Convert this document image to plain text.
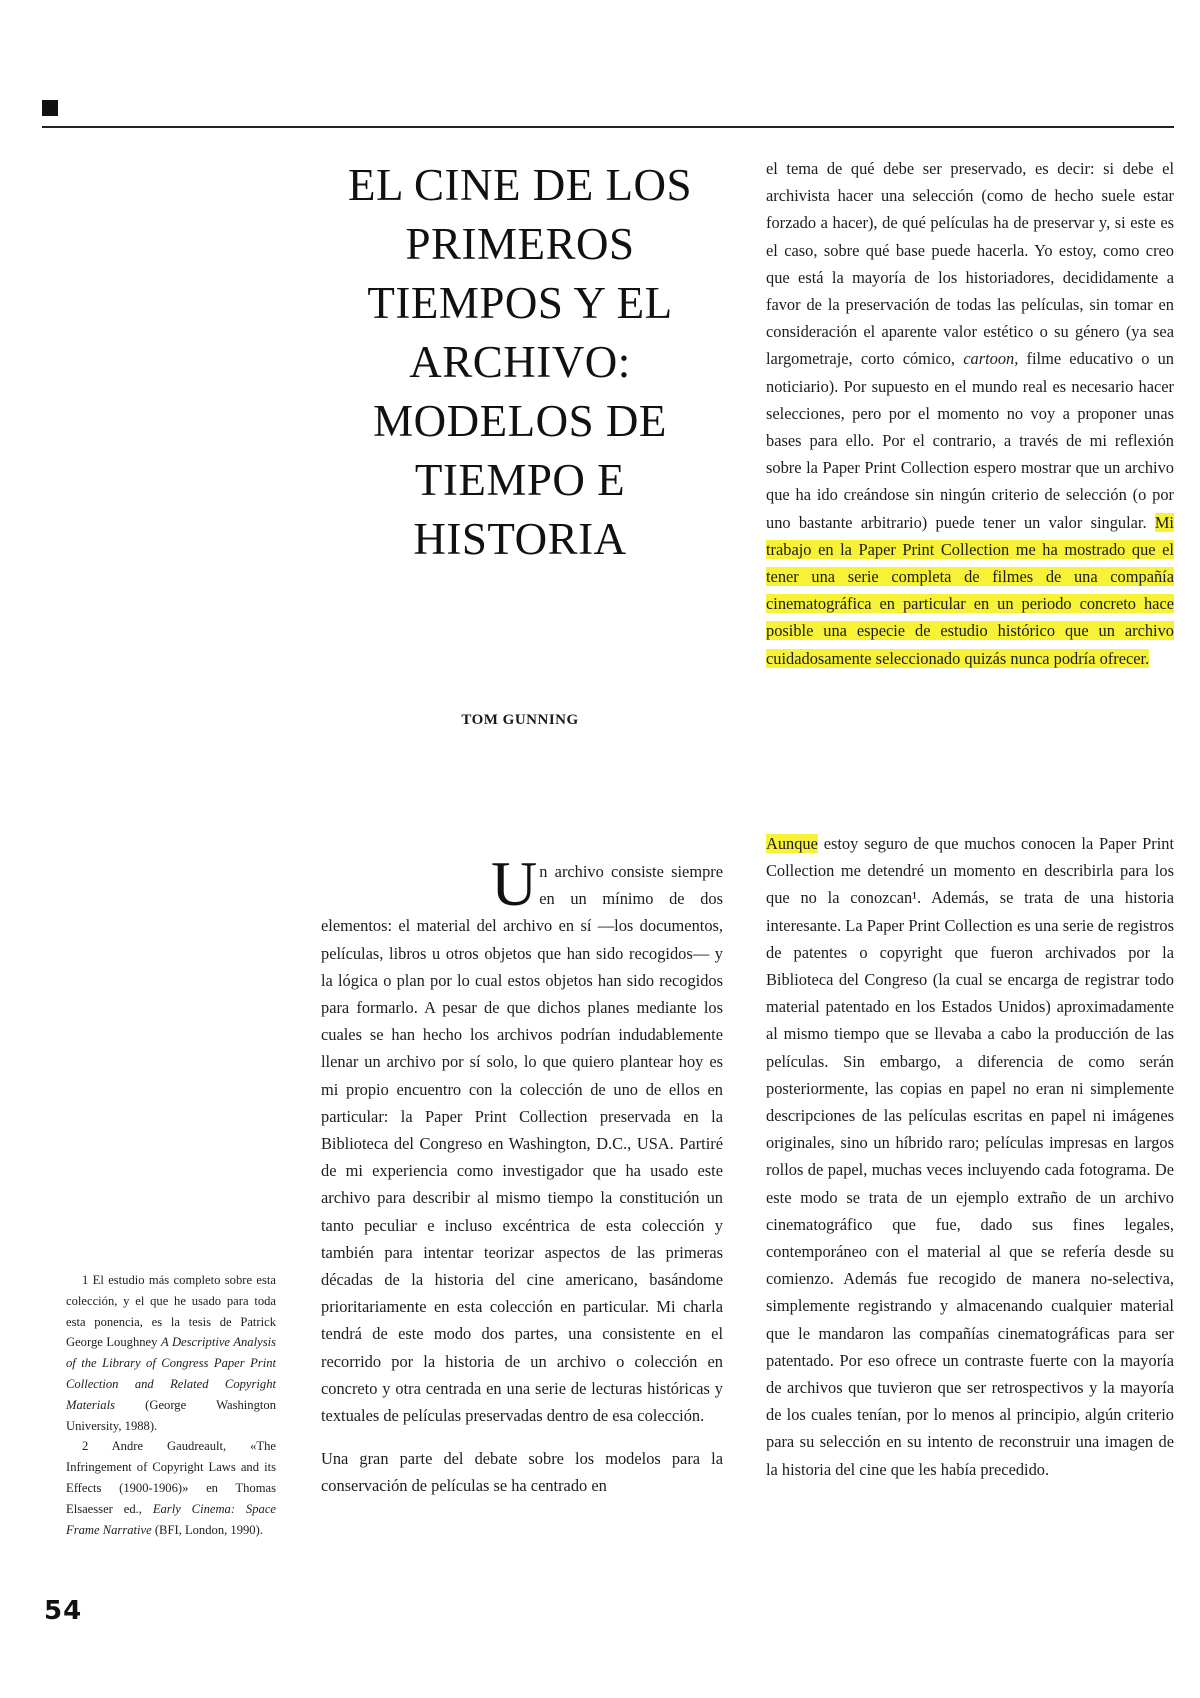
EL CINE DE LOS
PRIMEROS
TIEMPOS Y EL
ARCHIVO:
MODELOS DE
TIEMPO E
HISTORIA
TOM GUNNING

el tema de qué debe ser preservado, es decir: si debe el archivista hacer una selección (como de hecho suele estar forzado a hacer), de qué películas ha de preservar y, si este es el caso, sobre qué base puede hacerla. Yo estoy, como creo que está la mayoría de los historiadores, decididamente a favor de la preservación de todas las películas, sin tomar en consideración el aparente valor estético o su género (ya sea largometraje, corto cómico, cartoon, filme educativo o un noticiario). Por supuesto en el mundo real es necesario hacer selecciones, pero por el momento no voy a proponer unas bases para ello. Por el contrario, a través de mi reflexión sobre la Paper Print Collection espero mostrar que un archivo que ha ido creándose sin ningún criterio de selección (o por uno bastante arbitrario) puede tener un valor singular. Mi trabajo en la Paper Print Collection me ha mostrado que el tener una serie completa de filmes de una compañía cinematográfica en particular en un periodo concreto hace posible una especie de estudio histórico que un archivo cuidadosamente seleccionado quizás nunca podría ofrecer.

Un archivo consiste siempre en un mínimo de dos elementos: el material del archivo en sí —los documentos, películas, libros u otros objetos que han sido recogidos— y la lógica o plan por lo cual estos objetos han sido recogidos para formarlo. A pesar de que dichos planes mediante los cuales se han hecho los archivos podrían indudablemente llenar un archivo por sí solo, lo que quiero plantear hoy es mi propio encuentro con la colección de uno de ellos en particular: la Paper Print Collection preservada en la Biblioteca del Congreso en Washington, D.C., USA. Partiré de mi experiencia como investigador que ha usado este archivo para describir al mismo tiempo la constitución un tanto peculiar e incluso excéntrica de esta colección y también para intentar teorizar aspectos de las primeras décadas de la historia del cine americano, basándome prioritariamente en esta colección en particular. Mi charla tendrá de este modo dos partes, una consistente en el recorrido por la historia de un archivo o colección en concreto y otra centrada en una serie de lecturas históricas y textuales de películas preservadas dentro de esa colección.

Una gran parte del debate sobre los modelos para la conservación de películas se ha centrado en

Aunque estoy seguro de que muchos conocen la Paper Print Collection me detendré un momento en describirla para los que no la conozcan¹. Además, se trata de una historia interesante. La Paper Print Collection es una serie de registros de patentes o copyright que fueron archivados por la Biblioteca del Congreso (la cual se encarga de registrar todo material patentado en los Estados Unidos) aproximadamente al mismo tiempo que se llevaba a cabo la producción de las películas. Sin embargo, a diferencia de como serán posteriormente, las copias en papel no eran ni simplemente descripciones de las películas escritas en papel ni imágenes originales, sino un híbrido raro; películas impresas en largos rollos de papel, muchas veces incluyendo cada fotograma. De este modo se trata de un ejemplo extraño de un archivo cinematográfico que fue, dado sus fines legales, contemporáneo con el material al que se refería desde su comienzo. Además fue recogido de manera no-selectiva, simplemente registrando y almacenando cualquier material que le mandaron las compañías cinematográficas para ser patentado. Por eso ofrece un contraste fuerte con la mayoría de archivos que tuvieron que ser retrospectivos y la mayoría de los cuales tenían, por lo menos al principio, algún criterio para su selección en su intento de reconstruir una imagen de la historia del cine que les había precedido.

1 El estudio más completo sobre esta colección, y el que he usado para toda esta ponencia, es la tesis de Patrick George Loughney A Descriptive Analysis of the Library of Congress Paper Print Collection and Related Copyright Materials (George Washington University, 1988).

2 Andre Gaudreault, «The Infringement of Copyright Laws and its Effects (1900-1906)» en Thomas Elsaesser ed., Early Cinema: Space Frame Narrative (BFI, London, 1990).

54
